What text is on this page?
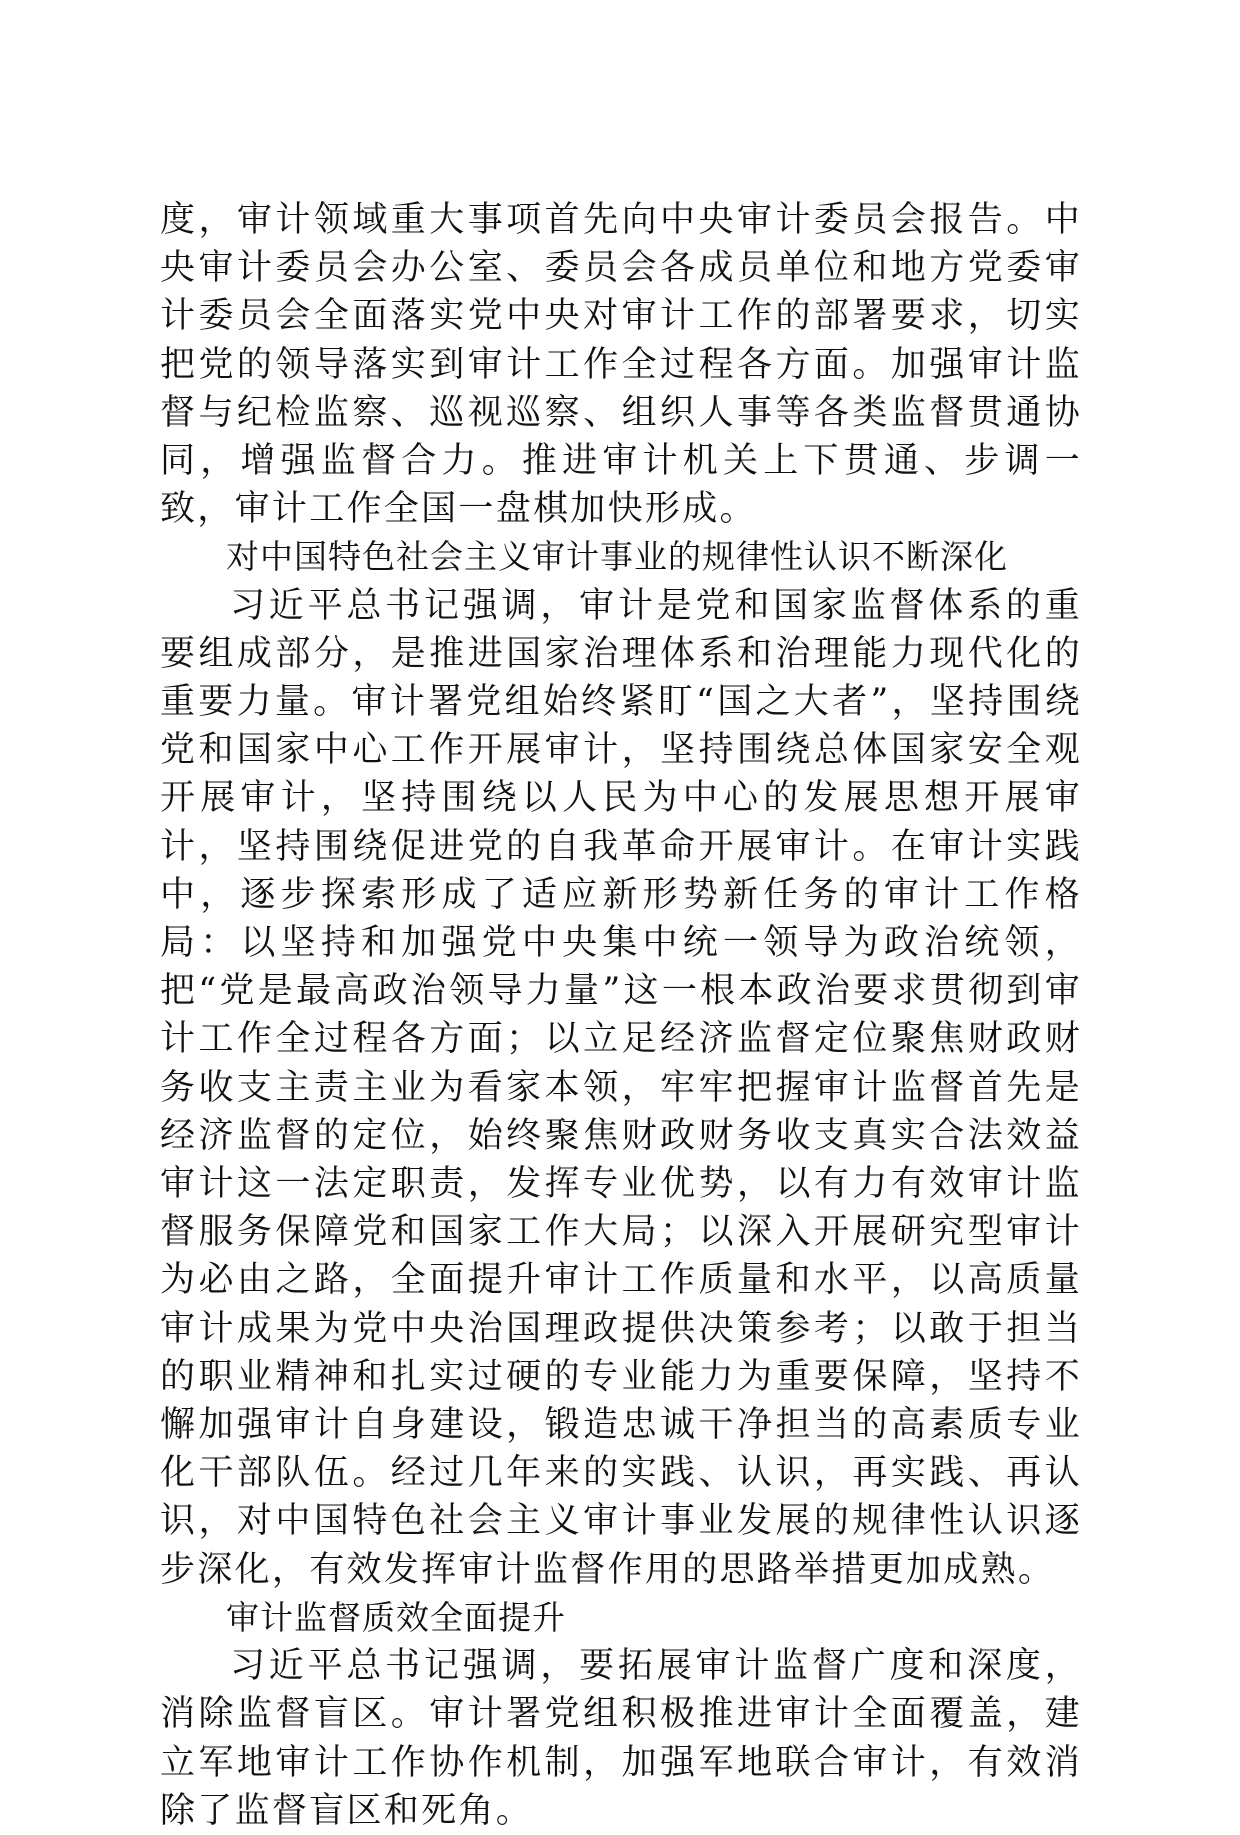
度，审计领域重大事项首先向中央审计委员会报告。中央审计委员会办公室、委员会各成员单位和地方党委审计委员会全面落实党中央对审计工作的部署要求，切实把党的领导落实到审计工作全过程各方面。加强审计监督与纪检监察、巡视巡察、组织人事等各类监督贯通协同，增强监督合力。推进审计机关上下贯通、步调一致，审计工作全国一盘棋加快形成。

对中国特色社会主义审计事业的规律性认识不断深化

习近平总书记强调，审计是党和国家监督体系的重要组成部分，是推进国家治理体系和治理能力现代化的重要力量。审计署党组始终紧盯“国之大者”，坚持围绕党和国家中心工作开展审计，坚持围绕总体国家安全观开展审计，坚持围绕以人民为中心的发展思想开展审计，坚持围绕促进党的自我革命开展审计。在审计实践中，逐步探索形成了适应新形势新任务的审计工作格局：以坚持和加强党中央集中统一领导为政治统领，把“党是最高政治领导力量”这一根本政治要求贯彻到审计工作全过程各方面；以立足经济监督定位聚焦财政财务收支主责主业为看家本领，牢牢把握审计监督首先是经济监督的定位，始终聚焦财政财务收支真实合法效益审计这一法定职责，发挥专业优势，以有力有效审计监督服务保障党和国家工作大局；以深入开展研究型审计为必由之路，全面提升审计工作质量和水平，以高质量审计成果为党中央治国理政提供决策参考；以敢于担当的职业精神和扎实过硬的专业能力为重要保障，坚持不懈加强审计自身建设，锻造忠诚干净担当的高素质专业化干部队伍。经过几年来的实践、认识，再实践、再认识，对中国特色社会主义审计事业发展的规律性认识逐步深化，有效发挥审计监督作用的思路举措更加成熟。

审计监督质效全面提升

习近平总书记强调，要拓展审计监督广度和深度，消除监督盲区。审计署党组积极推进审计全面覆盖，建立军地审计工作协作机制，加强军地联合审计，有效消除了监督盲区和死角。
